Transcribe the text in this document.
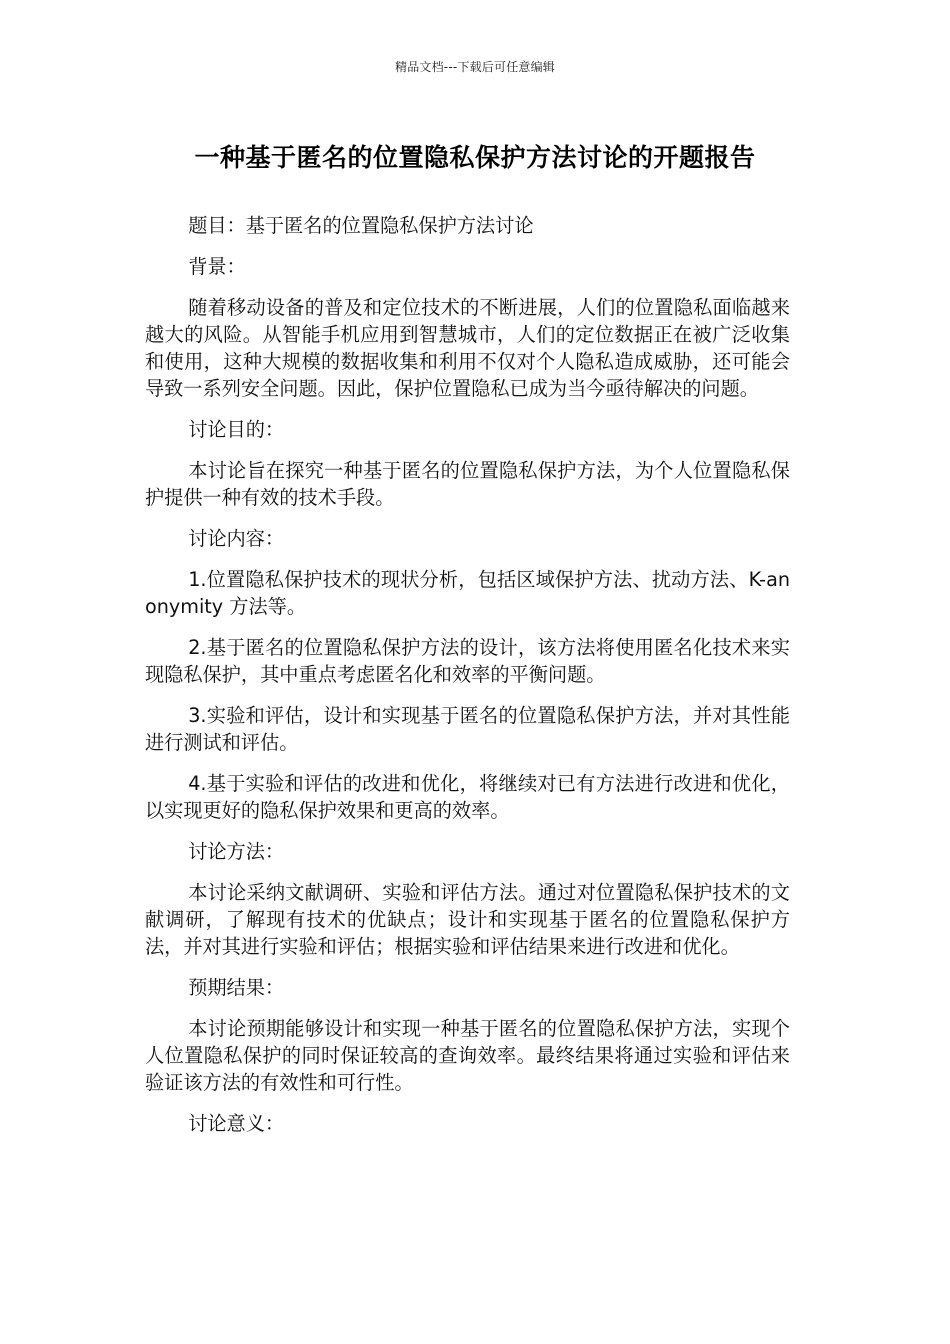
精品文档---下载后可任意编辑
一种基于匿名的位置隐私保护方法讨论的开题报告

题目：基于匿名的位置隐私保护方法讨论

背景：

随着移动设备的普及和定位技术的不断进展，人们的位置隐私面临越来越大的风险。从智能手机应用到智慧城市，人们的定位数据正在被广泛收集和使用，这种大规模的数据收集和利用不仅对个人隐私造成威胁，还可能会导致一系列安全问题。因此，保护位置隐私已成为当今亟待解决的问题。

讨论目的：

本讨论旨在探究一种基于匿名的位置隐私保护方法，为个人位置隐私保护提供一种有效的技术手段。

讨论内容：

1.位置隐私保护技术的现状分析，包括区域保护方法、扰动方法、K-anonymity 方法等。

2.基于匿名的位置隐私保护方法的设计，该方法将使用匿名化技术来实现隐私保护，其中重点考虑匿名化和效率的平衡问题。

3.实验和评估，设计和实现基于匿名的位置隐私保护方法，并对其性能进行测试和评估。

4.基于实验和评估的改进和优化，将继续对已有方法进行改进和优化，以实现更好的隐私保护效果和更高的效率。

讨论方法：

本讨论采纳文献调研、实验和评估方法。通过对位置隐私保护技术的文献调研，了解现有技术的优缺点；设计和实现基于匿名的位置隐私保护方法，并对其进行实验和评估；根据实验和评估结果来进行改进和优化。

预期结果：

本讨论预期能够设计和实现一种基于匿名的位置隐私保护方法，实现个人位置隐私保护的同时保证较高的查询效率。最终结果将通过实验和评估来验证该方法的有效性和可行性。

讨论意义：
